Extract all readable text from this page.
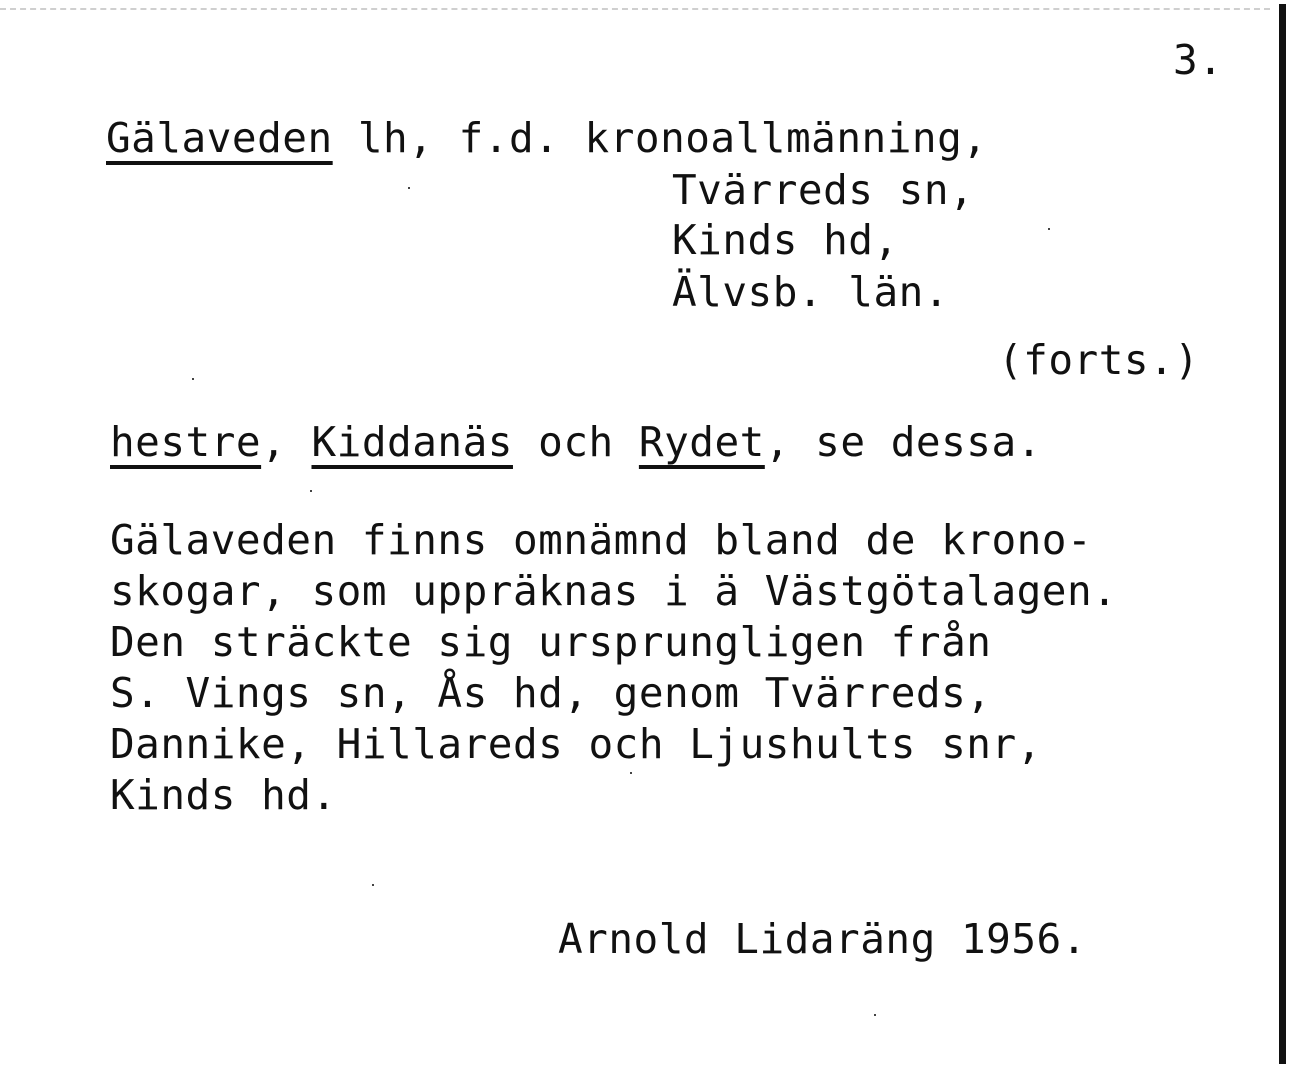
3.
Gälaveden lh, f.d. kronoallmänning,
Tvärreds sn,
Kinds hd,
Älvsb. län.
(forts.)
hestre, Kiddanäs och Rydet, se dessa.
Gälaveden finns omnämnd bland de krono-
skogar, som uppräknas i ä Västgötalagen.
Den sträckte sig ursprungligen från
S. Vings sn, Ås hd, genom Tvärreds,
Dannike, Hillareds och Ljushults snr,
Kinds hd.
Arnold Lidaräng 1956.
